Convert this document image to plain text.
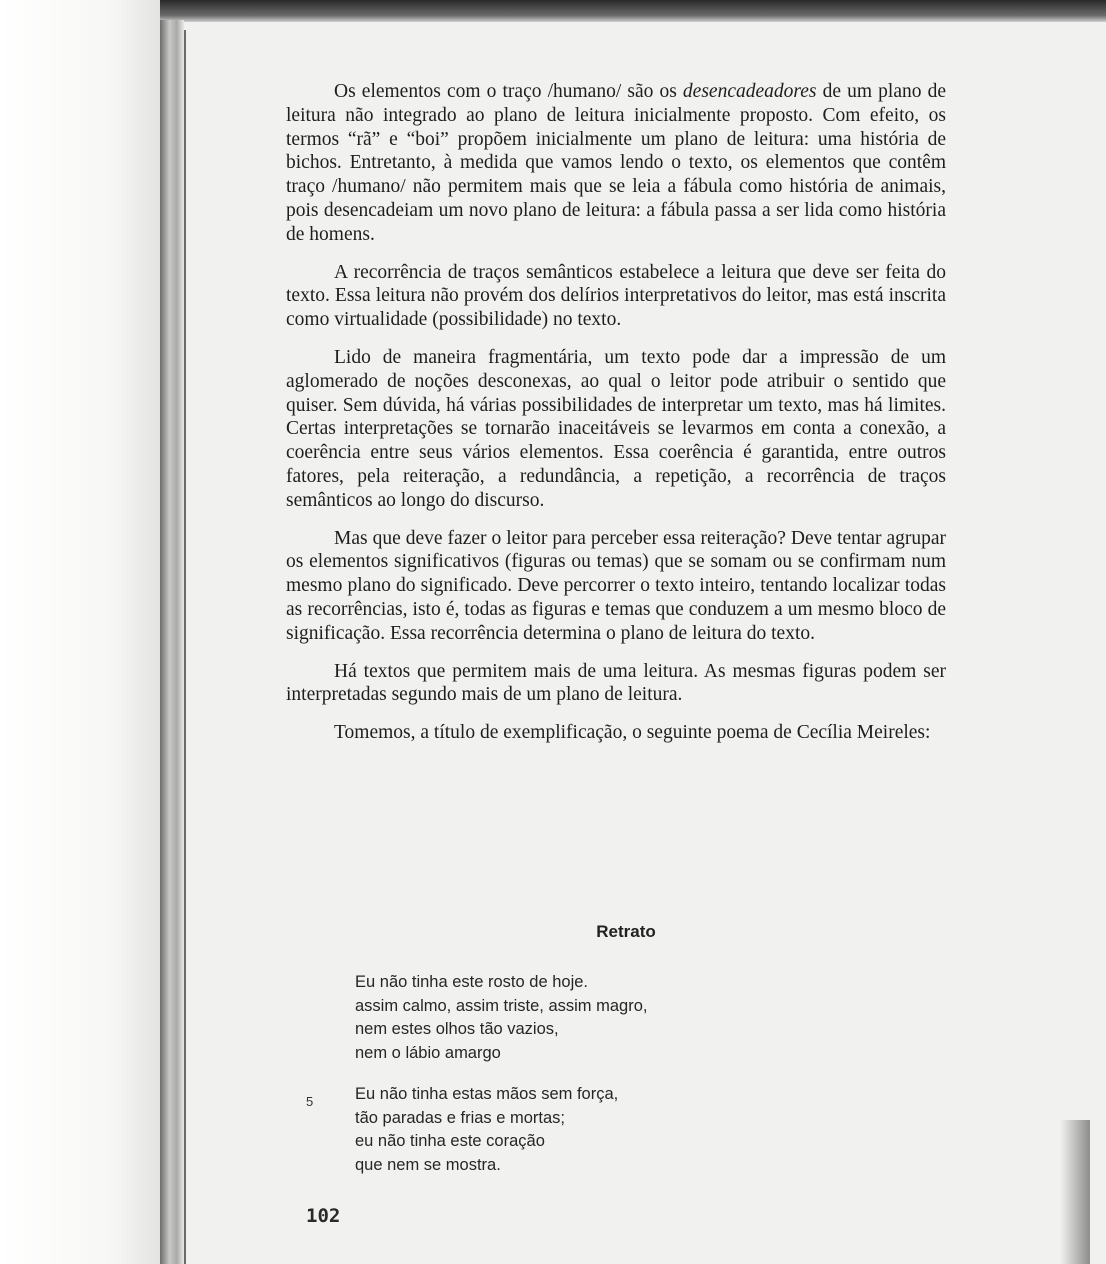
Os elementos com o traço /humano/ são os desencadeadores de um plano de leitura não integrado ao plano de leitura inicialmente proposto. Com efeito, os termos “rã” e “boi” propõem inicialmente um plano de leitura: uma história de bichos. Entretanto, à medida que vamos lendo o texto, os elementos que contêm traço /humano/ não permitem mais que se leia a fábula como história de animais, pois desencadeiam um novo plano de leitura: a fábula passa a ser lida como história de homens.

A recorrência de traços semânticos estabelece a leitura que deve ser feita do texto. Essa leitura não provém dos delírios interpretativos do leitor, mas está inscrita como virtualidade (possibilidade) no texto.

Lido de maneira fragmentária, um texto pode dar a impressão de um aglomerado de noções desconexas, ao qual o leitor pode atribuir o sentido que quiser. Sem dúvida, há várias possibilidades de interpretar um texto, mas há limites. Certas interpretações se tornarão inaceitáveis se levarmos em conta a conexão, a coerência entre seus vários elementos. Essa coerência é garantida, entre outros fatores, pela reiteração, a redundância, a repetição, a recorrência de traços semânticos ao longo do discurso.

Mas que deve fazer o leitor para perceber essa reiteração? Deve tentar agrupar os elementos significativos (figuras ou temas) que se somam ou se confirmam num mesmo plano do significado. Deve percorrer o texto inteiro, tentando localizar todas as recorrências, isto é, todas as figuras e temas que conduzem a um mesmo bloco de significação. Essa recorrência determina o plano de leitura do texto.

Há textos que permitem mais de uma leitura. As mesmas figuras podem ser interpretadas segundo mais de um plano de leitura.

Tomemos, a título de exemplificação, o seguinte poema de Cecília Meireles:

Retrato
Eu não tinha este rosto de hoje.
assim calmo, assim triste, assim magro,
nem estes olhos tão vazios,
nem o lábio amargo
5	Eu não tinha estas mãos sem força,
tão paradas e frias e mortas;
eu não tinha este coração
que nem se mostra.
102
